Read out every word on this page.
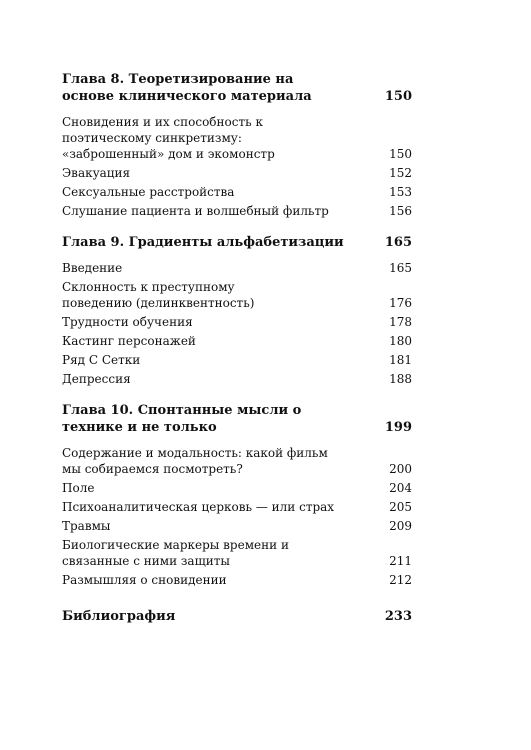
Глава 8. Теоретизирование на основе клинического материала	150
Сновидения и их способность к поэтическому синкретизму: «заброшенный» дом и экомонстр	150
Эвакуация	152
Сексуальные расстройства	153
Слушание пациента и волшебный фильтр	156
Глава 9. Градиенты альфабетизации	165
Введение	165
Склонность к преступному поведению (делинквентность)	176
Трудности обучения	178
Кастинг персонажей	180
Ряд С Сетки	181
Депрессия	188
Глава 10. Спонтанные мысли о технике и не только	199
Содержание и модальность: какой фильм мы собираемся посмотреть?	200
Поле	204
Психоаналитическая церковь — или страх	205
Травмы	209
Биологические маркеры времени и связанные с ними защиты	211
Размышляя о сновидении	212
Библиография	233
